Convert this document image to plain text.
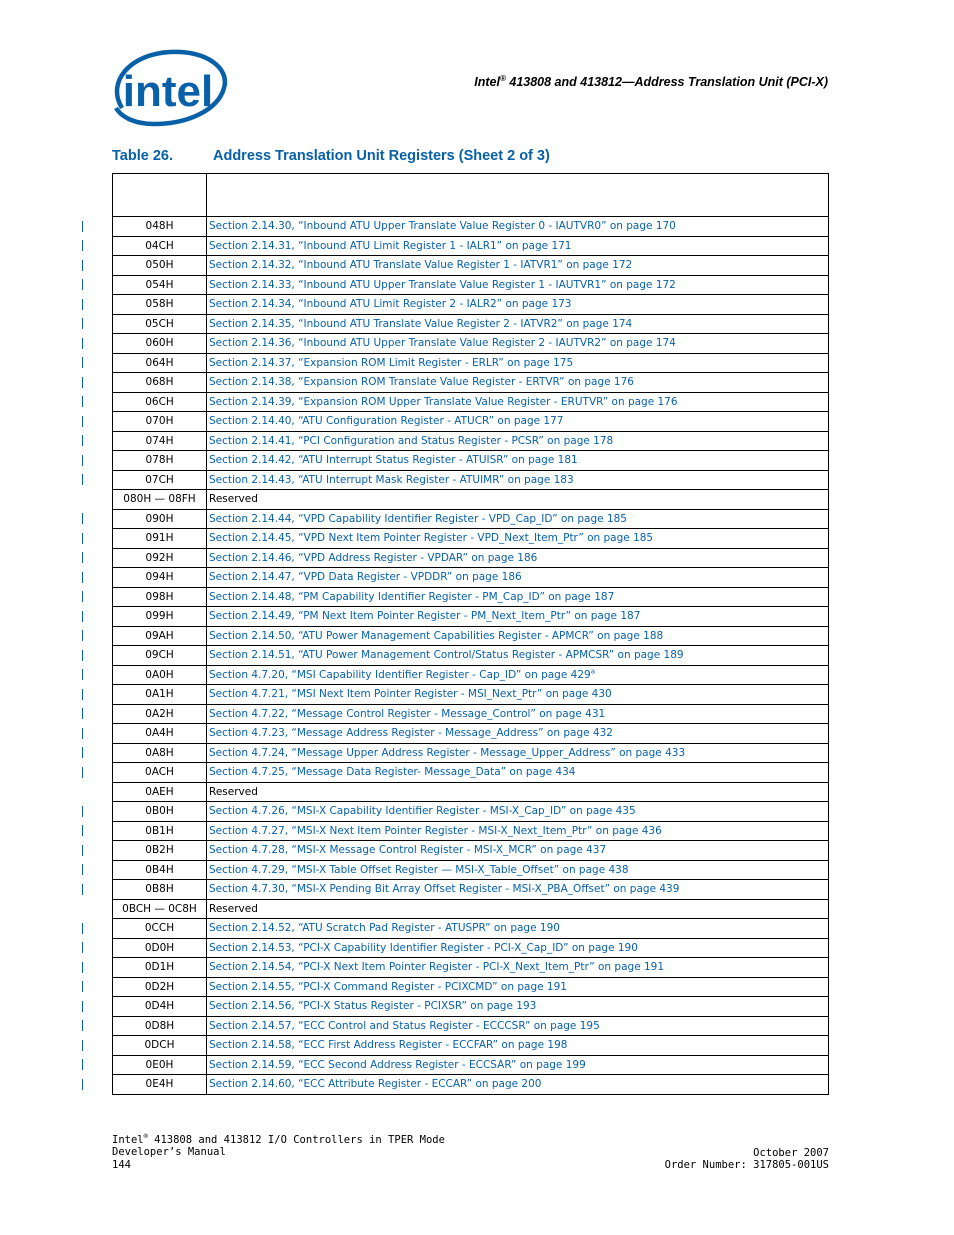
intel	Intel® 413808 and 413812—Address Translation Unit (PCI-X)
Table 26.	Address Translation Unit Registers (Sheet 2 of 3)

048H	Section 2.14.30, “Inbound ATU Upper Translate Value Register 0 - IAUTVR0” on page 170
04CH	Section 2.14.31, “Inbound ATU Limit Register 1 - IALR1” on page 171
050H	Section 2.14.32, “Inbound ATU Translate Value Register 1 - IATVR1” on page 172
054H	Section 2.14.33, “Inbound ATU Upper Translate Value Register 1 - IAUTVR1” on page 172
058H	Section 2.14.34, “Inbound ATU Limit Register 2 - IALR2” on page 173
05CH	Section 2.14.35, “Inbound ATU Translate Value Register 2 - IATVR2” on page 174
060H	Section 2.14.36, “Inbound ATU Upper Translate Value Register 2 - IAUTVR2” on page 174
064H	Section 2.14.37, “Expansion ROM Limit Register - ERLR” on page 175
068H	Section 2.14.38, “Expansion ROM Translate Value Register - ERTVR” on page 176
06CH	Section 2.14.39, “Expansion ROM Upper Translate Value Register - ERUTVR” on page 176
070H	Section 2.14.40, “ATU Configuration Register - ATUCR” on page 177
074H	Section 2.14.41, “PCI Configuration and Status Register - PCSR” on page 178
078H	Section 2.14.42, “ATU Interrupt Status Register - ATUISR” on page 181
07CH	Section 2.14.43, “ATU Interrupt Mask Register - ATUIMR” on page 183
080H — 08FH	Reserved
090H	Section 2.14.44, “VPD Capability Identifier Register - VPD_Cap_ID” on page 185
091H	Section 2.14.45, “VPD Next Item Pointer Register - VPD_Next_Item_Ptr” on page 185
092H	Section 2.14.46, “VPD Address Register - VPDAR” on page 186
094H	Section 2.14.47, “VPD Data Register - VPDDR” on page 186
098H	Section 2.14.48, “PM Capability Identifier Register - PM_Cap_ID” on page 187
099H	Section 2.14.49, “PM Next Item Pointer Register - PM_Next_Item_Ptr” on page 187
09AH	Section 2.14.50, “ATU Power Management Capabilities Register - APMCR” on page 188
09CH	Section 2.14.51, “ATU Power Management Control/Status Register - APMCSR” on page 189
0A0H	Section 4.7.20, “MSI Capability Identifier Register - Cap_ID” on page 429$^a$
0A1H	Section 4.7.21, “MSI Next Item Pointer Register - MSI_Next_Ptr” on page 430
0A2H	Section 4.7.22, “Message Control Register - Message_Control” on page 431
0A4H	Section 4.7.23, “Message Address Register - Message_Address” on page 432
0A8H	Section 4.7.24, “Message Upper Address Register - Message_Upper_Address” on page 433
0ACH	Section 4.7.25, “Message Data Register- Message_Data” on page 434
0AEH	Reserved
0B0H	Section 4.7.26, “MSI-X Capability Identifier Register - MSI-X_Cap_ID” on page 435
0B1H	Section 4.7.27, “MSI-X Next Item Pointer Register - MSI-X_Next_Item_Ptr” on page 436
0B2H	Section 4.7.28, “MSI-X Message Control Register - MSI-X_MCR” on page 437
0B4H	Section 4.7.29, “MSI-X Table Offset Register — MSI-X_Table_Offset” on page 438
0B8H	Section 4.7.30, “MSI-X Pending Bit Array Offset Register - MSI-X_PBA_Offset” on page 439
0BCH — 0C8H	Reserved
0CCH	Section 2.14.52, “ATU Scratch Pad Register - ATUSPR” on page 190
0D0H	Section 2.14.53, “PCI-X Capability Identifier Register - PCI-X_Cap_ID” on page 190
0D1H	Section 2.14.54, “PCI-X Next Item Pointer Register - PCI-X_Next_Item_Ptr” on page 191
0D2H	Section 2.14.55, “PCI-X Command Register - PCIXCMD” on page 191
0D4H	Section 2.14.56, “PCI-X Status Register - PCIXSR” on page 193
0D8H	Section 2.14.57, “ECC Control and Status Register - ECCCSR” on page 195
0DCH	Section 2.14.58, “ECC First Address Register - ECCFAR” on page 198
0E0H	Section 2.14.59, “ECC Second Address Register - ECCSAR” on page 199
0E4H	Section 2.14.60, “ECC Attribute Register - ECCAR” on page 200
Intel® 413808 and 413812 I/O Controllers in TPER Mode
Developer’s Manual
144
October 2007
Order Number: 317805-001US
